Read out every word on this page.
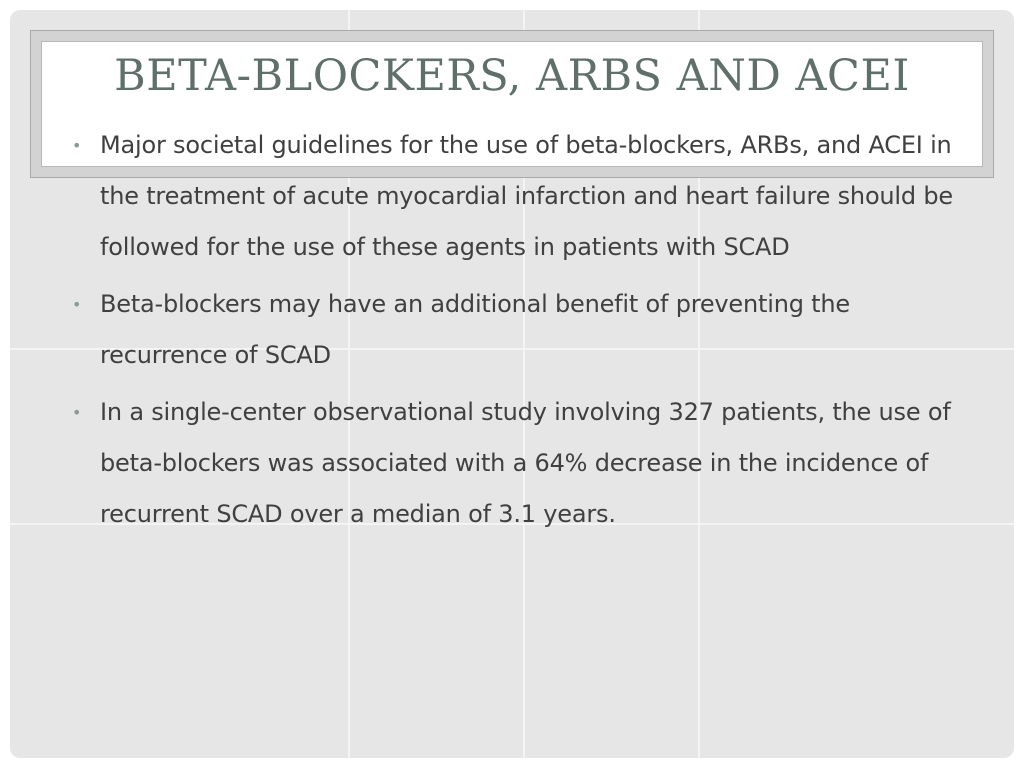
BETA-BLOCKERS, ARBS AND ACEI
• Major societal guidelines for the use of beta-blockers, ARBs, and ACEI in the treatment of acute myocardial infarction and heart failure should be followed for the use of these agents in patients with SCAD
• Beta-blockers may have an additional benefit of preventing the recurrence of SCAD
• In a single-center observational study involving 327 patients, the use of beta-blockers was associated with a 64% decrease in the incidence of recurrent SCAD over a median of 3.1 years.
